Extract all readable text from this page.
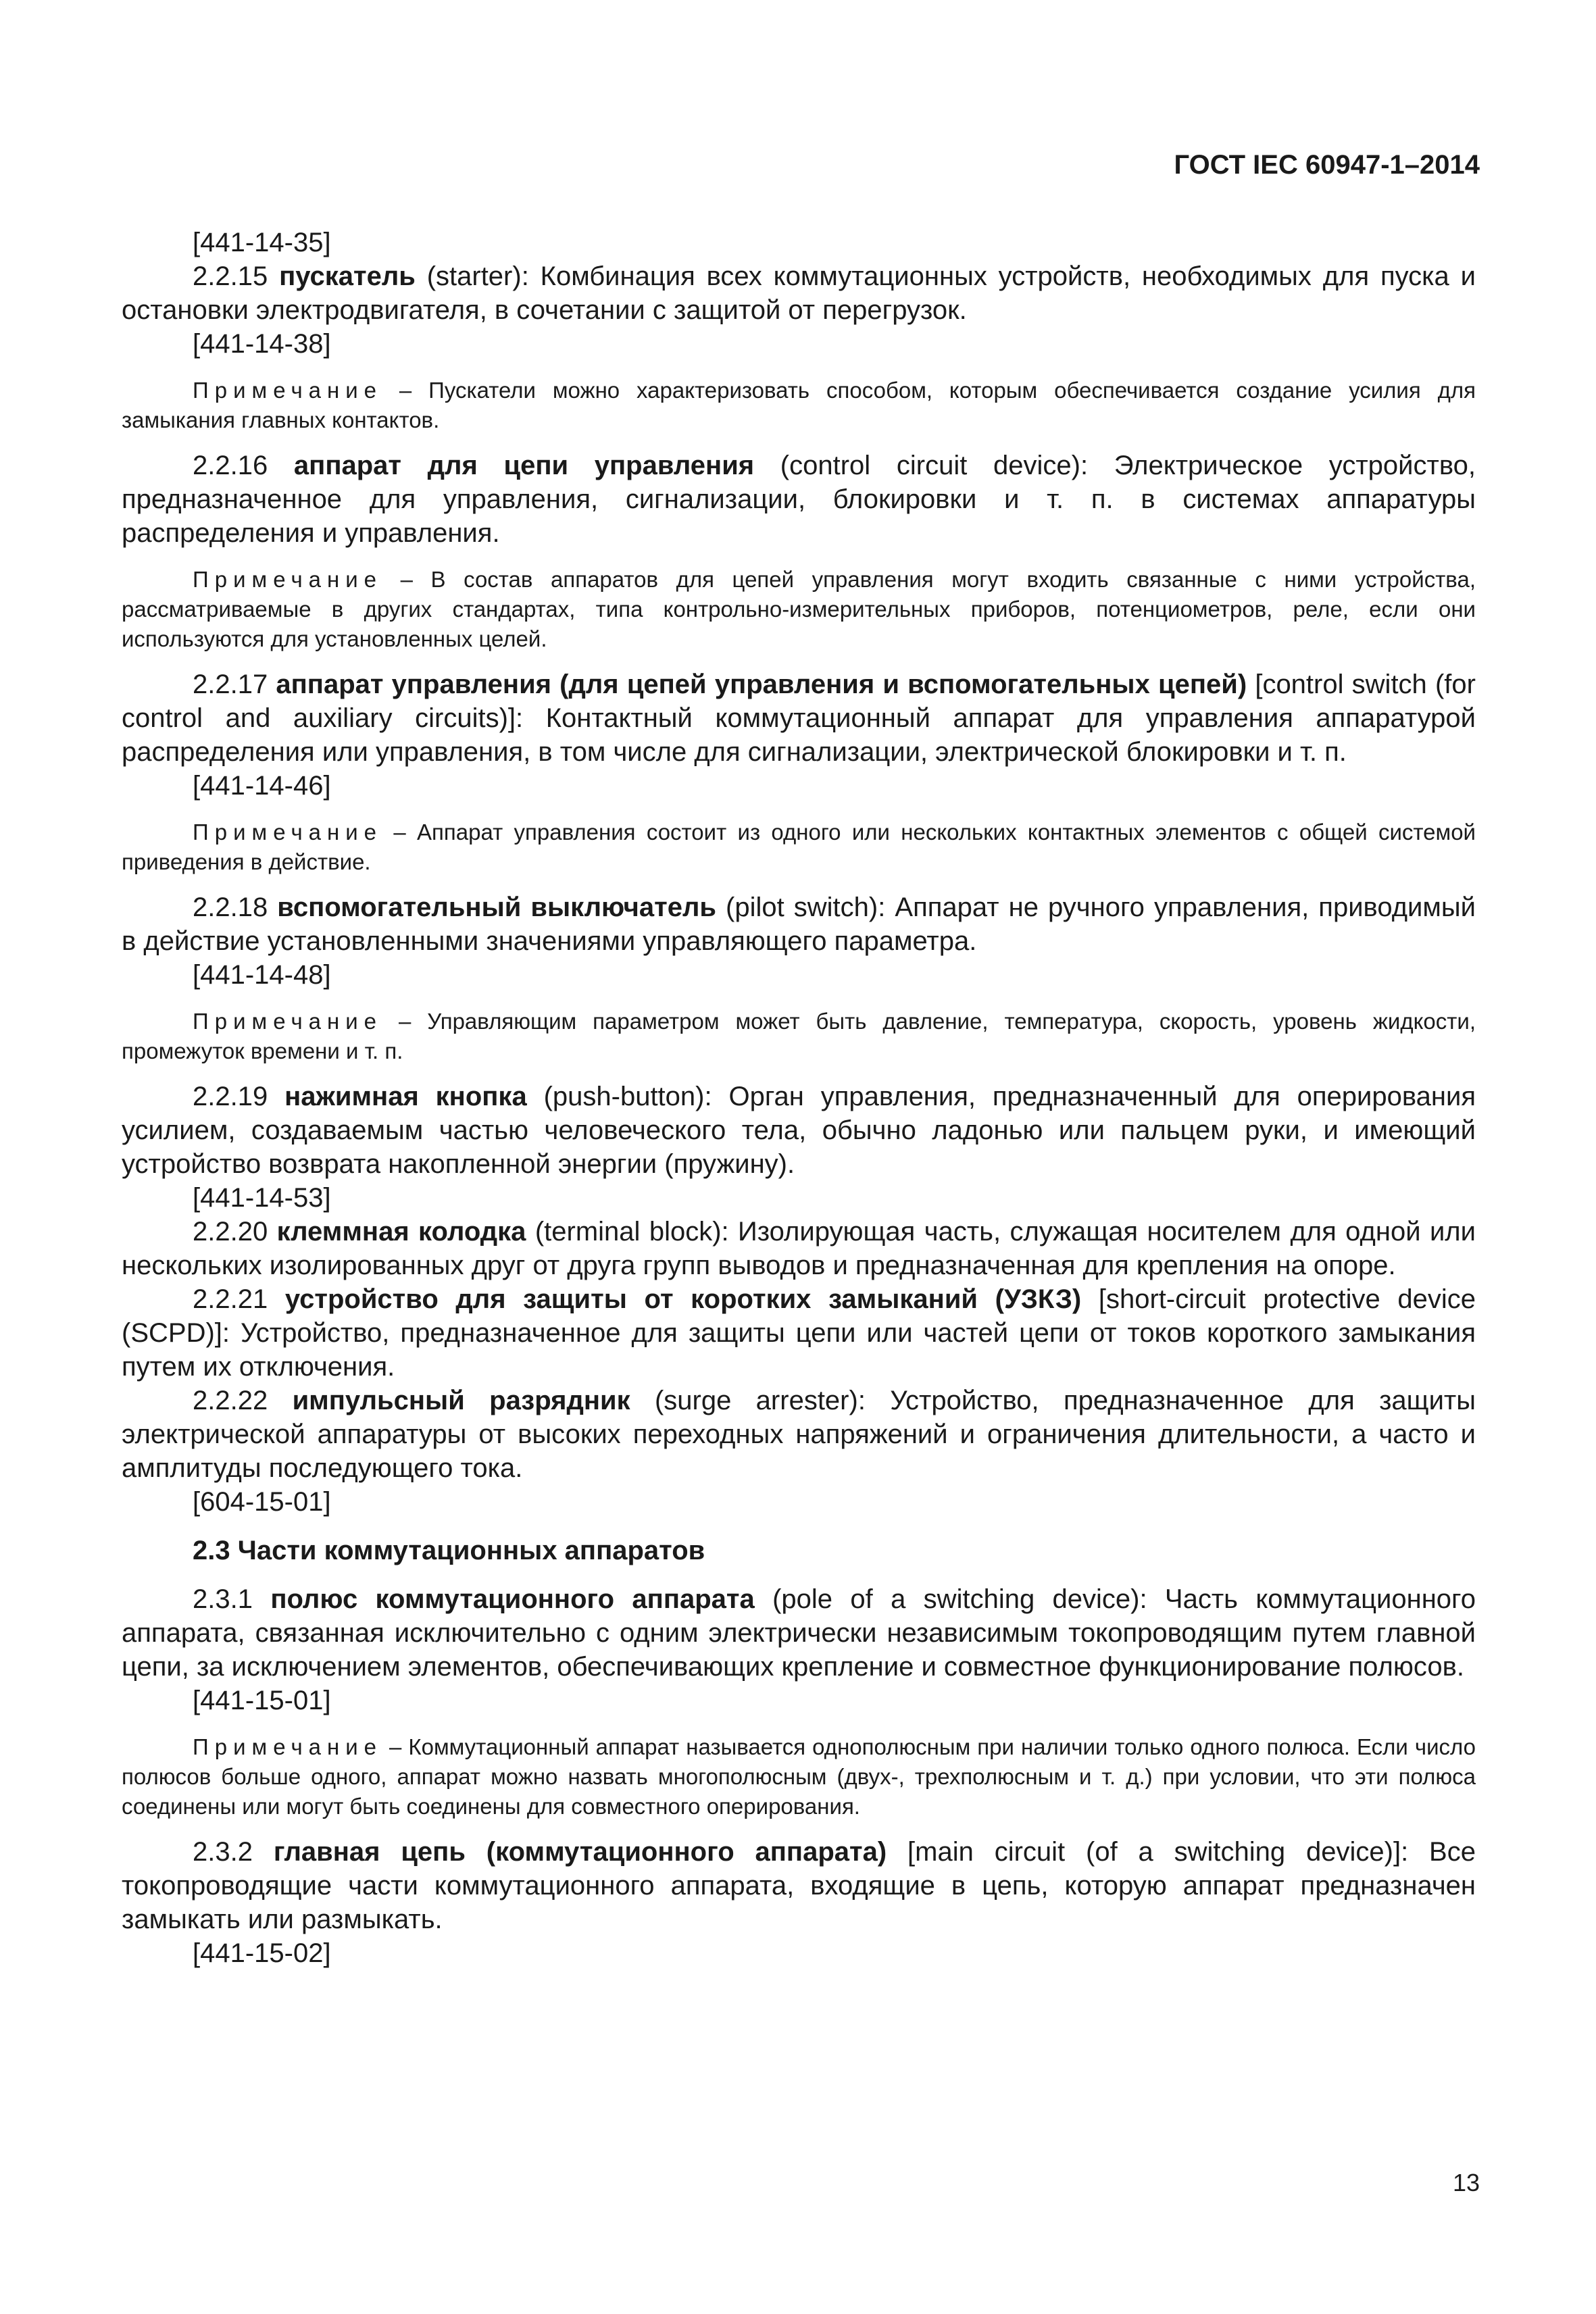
ГОСТ IEC 60947-1–2014
[441-14-35]

2.2.15 пускатель (starter): Комбинация всех коммутационных устройств, необходимых для пуска и остановки электродвигателя, в сочетании с защитой от перегрузок.

[441-14-38]

Примечание – Пускатели можно характеризовать способом, которым обеспечивается создание усилия для замыкания главных контактов.

2.2.16 аппарат для цепи управления (control circuit device): Электрическое устройство, предназначенное для управления, сигнализации, блокировки и т. п. в системах аппаратуры распределения и управления.

Примечание – В состав аппаратов для цепей управления могут входить связанные с ними устройства, рассматриваемые в других стандартах, типа контрольно-измерительных приборов, потенциометров, реле, если они используются для установленных целей.

2.2.17 аппарат управления (для цепей управления и вспомогательных цепей) [control switch (for control and auxiliary circuits)]: Контактный коммутационный аппарат для управления аппаратурой распределения или управления, в том числе для сигнализации, электрической блокировки и т. п.

[441-14-46]

Примечание – Аппарат управления состоит из одного или нескольких контактных элементов с общей системой приведения в действие.

2.2.18 вспомогательный выключатель (pilot switch): Аппарат не ручного управления, приводимый в действие установленными значениями управляющего параметра.

[441-14-48]

Примечание – Управляющим параметром может быть давление, температура, скорость, уровень жидкости, промежуток времени и т. п.

2.2.19 нажимная кнопка (push-button): Орган управления, предназначенный для оперирования усилием, создаваемым частью человеческого тела, обычно ладонью или пальцем руки, и имеющий устройство возврата накопленной энергии (пружину).

[441-14-53]

2.2.20 клеммная колодка (terminal block): Изолирующая часть, служащая носителем для одной или нескольких изолированных друг от друга групп выводов и предназначенная для крепления на опоре.

2.2.21 устройство для защиты от коротких замыканий (УЗКЗ) [short-circuit protective device (SCPD)]: Устройство, предназначенное для защиты цепи или частей цепи от токов короткого замыкания путем их отключения.

2.2.22 импульсный разрядник (surge arrester): Устройство, предназначенное для защиты электрической аппаратуры от высоких переходных напряжений и ограничения длительности, а часто и амплитуды последующего тока.

[604-15-01]
2.3 Части коммутационных аппаратов

2.3.1 полюс коммутационного аппарата (pole of a switching device): Часть коммутационного аппарата, связанная исключительно с одним электрически независимым токопроводящим путем главной цепи, за исключением элементов, обеспечивающих крепление и совместное функционирование полюсов.

[441-15-01]

Примечание – Коммутационный аппарат называется однополюсным при наличии только одного полюса. Если число полюсов больше одного, аппарат можно назвать многополюсным (двух-, трехполюсным и т. д.) при условии, что эти полюса соединены или могут быть соединены для совместного оперирования.

2.3.2 главная цепь (коммутационного аппарата) [main circuit (of a switching device)]: Все токопроводящие части коммутационного аппарата, входящие в цепь, которую аппарат предназначен замыкать или размыкать.

[441-15-02]
13
